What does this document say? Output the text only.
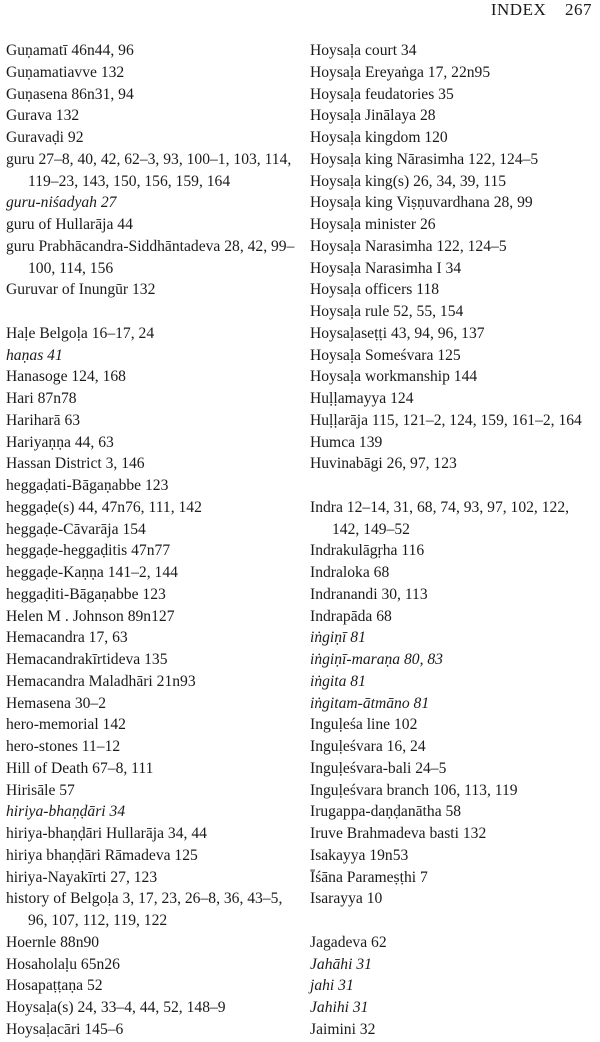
INDEX 267
Guṇamatī 46n44, 96
Guṇamatiavve 132
Guṇasena 86n31, 94
Gurava 132
Guravaḍi 92
guru 27–8, 40, 42, 62–3, 93, 100–1, 103, 114, 119–23, 143, 150, 156, 159, 164
guru-niśadyah 27
guru of Hullarāja 44
guru Prabhācandra-Siddhāntadeva 28, 42, 99–100, 114, 156
Guruvar of Inungūr 132
Haḷe Belgoḷa 16–17, 24
haṇas 41
Hanasoge 124, 168
Hari 87n78
Hariharā 63
Hariyaṇṇa 44, 63
Hassan District 3, 146
heggaḍati-Bāgaṇabbe 123
heggaḍe(s) 44, 47n76, 111, 142
heggaḍe-Cāvarāja 154
heggaḍe-heggaḍitis 47n77
heggaḍe-Kaṇṇa 141–2, 144
heggaḍiti-Bāgaṇabbe 123
Helen M . Johnson 89n127
Hemacandra 17, 63
Hemacandrakīrtideva 135
Hemacandra Maladhāri 21n93
Hemasena 30–2
hero-memorial 142
hero-stones 11–12
Hill of Death 67–8, 111
Hirisāle 57
hiriya-bhaṇḍāri 34
hiriya-bhaṇḍāri Hullarāja 34, 44
hiriya bhaṇḍāri Rāmadeva 125
hiriya-Nayakīrti 27, 123
history of Belgoḷa 3, 17, 23, 26–8, 36, 43–5, 96, 107, 112, 119, 122
Hoernle 88n90
Hosaholaḷu 65n26
Hosapaṭṭaṇa 52
Hoysaḷa(s) 24, 33–4, 44, 52, 148–9
Hoysaḷacāri 145–6
Hoysaḷa court 34
Hoysaḷa Ereyaṅga 17, 22n95
Hoysaḷa feudatories 35
Hoysaḷa Jinālaya 28
Hoysaḷa kingdom 120
Hoysaḷa king Nārasimha 122, 124–5
Hoysaḷa king(s) 26, 34, 39, 115
Hoysaḷa king Viṣṇuvardhana 28, 99
Hoysaḷa minister 26
Hoysaḷa Narasimha 122, 124–5
Hoysaḷa Narasimha I 34
Hoysaḷa officers 118
Hoysaḷa rule 52, 55, 154
Hoysaḷaseṭṭi 43, 94, 96, 137
Hoysaḷa Someśvara 125
Hoysaḷa workmanship 144
Huḷḷamayya 124
Huḷḷarāja 115, 121–2, 124, 159, 161–2, 164
Humca 139
Huvinabāgi 26, 97, 123
Indra 12–14, 31, 68, 74, 93, 97, 102, 122, 142, 149–52
Indrakulāgṛha 116
Indraloka 68
Indranandi 30, 113
Indrapāda 68
iṅgiṇī 81
iṅgiṇī-maraṇa 80, 83
iṅgita 81
iṅgitam-ātmāno 81
Inguḷeśa line 102
Inguḷeśvara 16, 24
Inguḷeśvara-bali 24–5
Inguḷeśvara branch 106, 113, 119
Irugappa-daṇḍanātha 58
Iruve Brahmadeva basti 132
Isakayya 19n53
Īśāna Parameṣṭhi 7
Isarayya 10
Jagadeva 62
Jahāhi 31
jahi 31
Jahihi 31
Jaimini 32
